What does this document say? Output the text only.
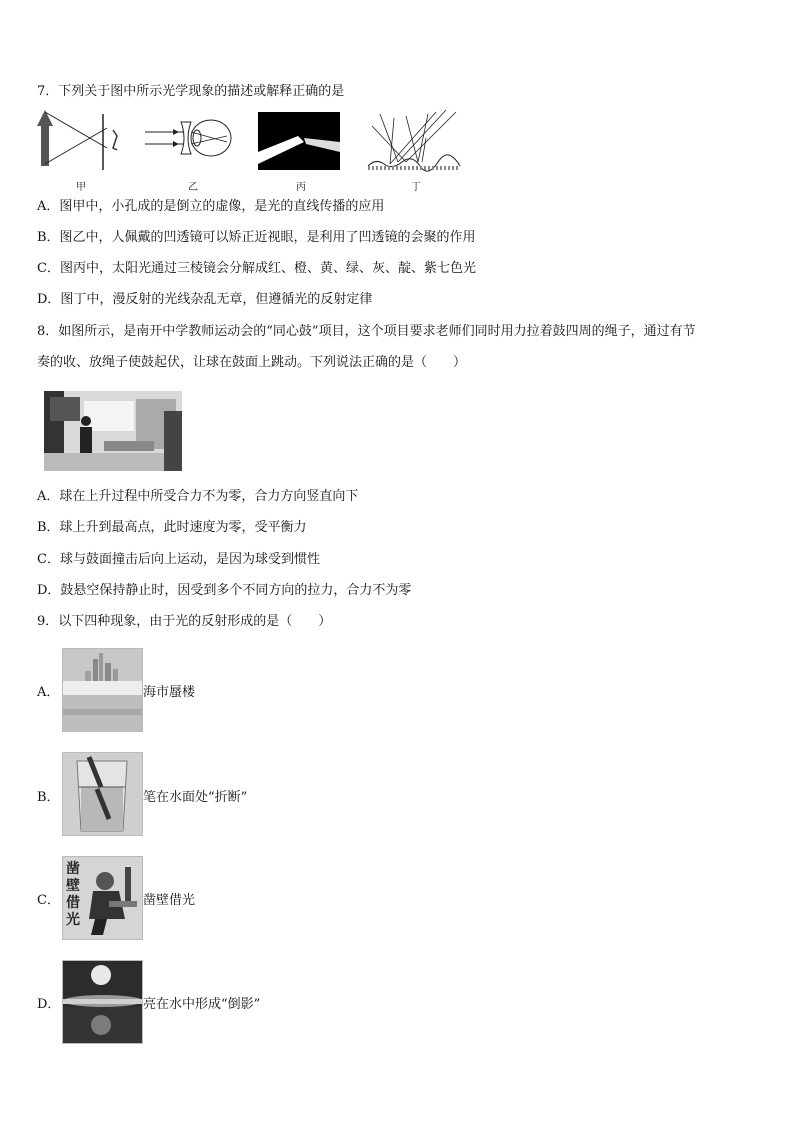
7．下列关于图中所示光学现象的描述或解释正确的是
甲	乙	丙	丁
A．图甲中，小孔成的是倒立的虚像，是光的直线传播的应用
B．图乙中，人佩戴的凹透镜可以矫正近视眼，是利用了凹透镜的会聚的作用
C．图丙中，太阳光通过三棱镜会分解成红、橙、黄、绿、灰、靛、紫七色光
D．图丁中，漫反射的光线杂乱无章，但遵循光的反射定律
8．如图所示，是南开中学教师运动会的“同心鼓”项目，这个项目要求老师们同时用力拉着鼓四周的绳子，通过有节
奏的收、放绳子使鼓起伏，让球在鼓面上跳动。下列说法正确的是（　　）
A．球在上升过程中所受合力不为零，合力方向竖直向下
B．球上升到最高点，此时速度为零，受平衡力
C．球与鼓面撞击后向上运动，是因为球受到惯性
D．鼓悬空保持静止时，因受到多个不同方向的拉力，合力不为零
9．以下四种现象，由于光的反射形成的是（　　）
A．	海市蜃楼
B．	笔在水面处“折断”
C．
凿
壁
借
光
凿壁借光
D．	亮在水中形成“倒影”
